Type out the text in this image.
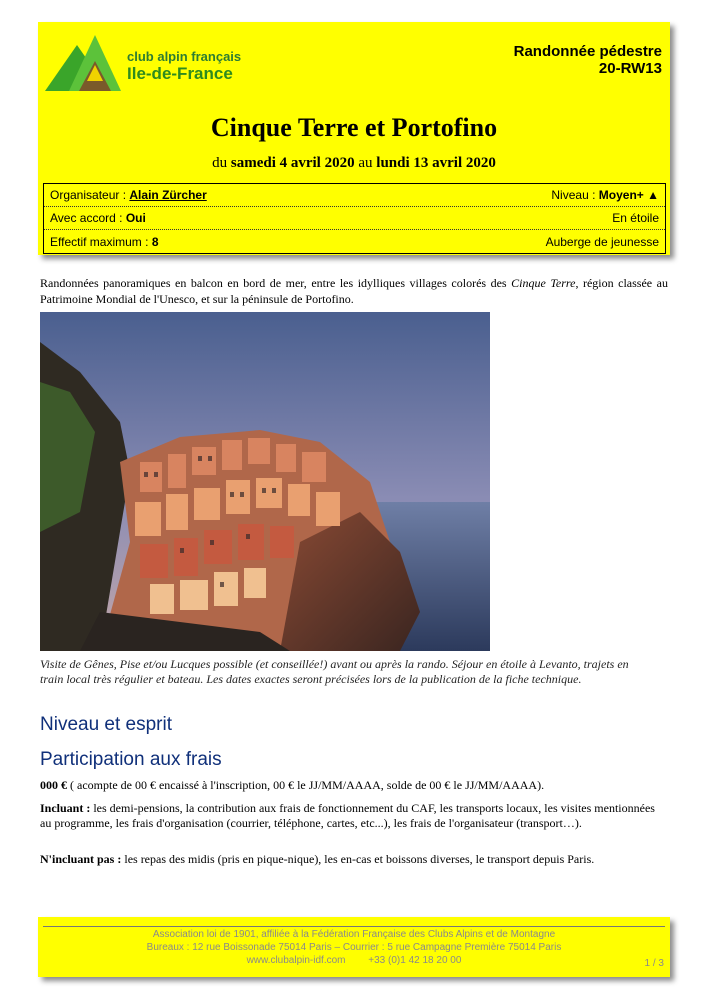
club alpin français
Ile-de-France
Randonnée pédestre
20-RW13
Cinque Terre et Portofino
du samedi 4 avril 2020 au lundi 13 avril 2020
Organisateur : Alain Zürcher	Niveau : Moyen+ ▲
Avec accord : Oui	En étoile
Effectif maximum : 8	Auberge de jeunesse
Randonnées panoramiques en balcon en bord de mer, entre les idylliques villages colorés des Cinque Terre, région classée au Patrimoine Mondial de l'Unesco, et sur la péninsule de Portofino.
Visite de Gênes, Pise et/ou Lucques possible (et conseillée!) avant ou après la rando. Séjour en étoile à Levanto, trajets en train local très régulier et bateau. Les dates exactes seront précisées lors de la publication de la fiche technique.
Niveau et esprit
Participation aux frais
000 € ( acompte de 00 € encaissé à l'inscription, 00 € le JJ/MM/AAAA, solde de 00 € le JJ/MM/AAAA).
Incluant : les demi-pensions, la contribution aux frais de fonctionnement du CAF, les transports locaux, les visites mentionnées au programme, les frais d'organisation (courrier, téléphone, cartes, etc...), les frais de l'organisateur (transport…).
N'incluant pas : les repas des midis (pris en pique-nique), les en-cas et boissons diverses, le transport depuis Paris.
Association loi de 1901, affiliée à la Fédération Française des Clubs Alpins et de Montagne
Bureaux : 12 rue Boissonade 75014 Paris – Courrier : 5 rue Campagne Première 75014 Paris
www.clubalpin-idf.com +33 (0)1 42 18 20 00	1 / 3
